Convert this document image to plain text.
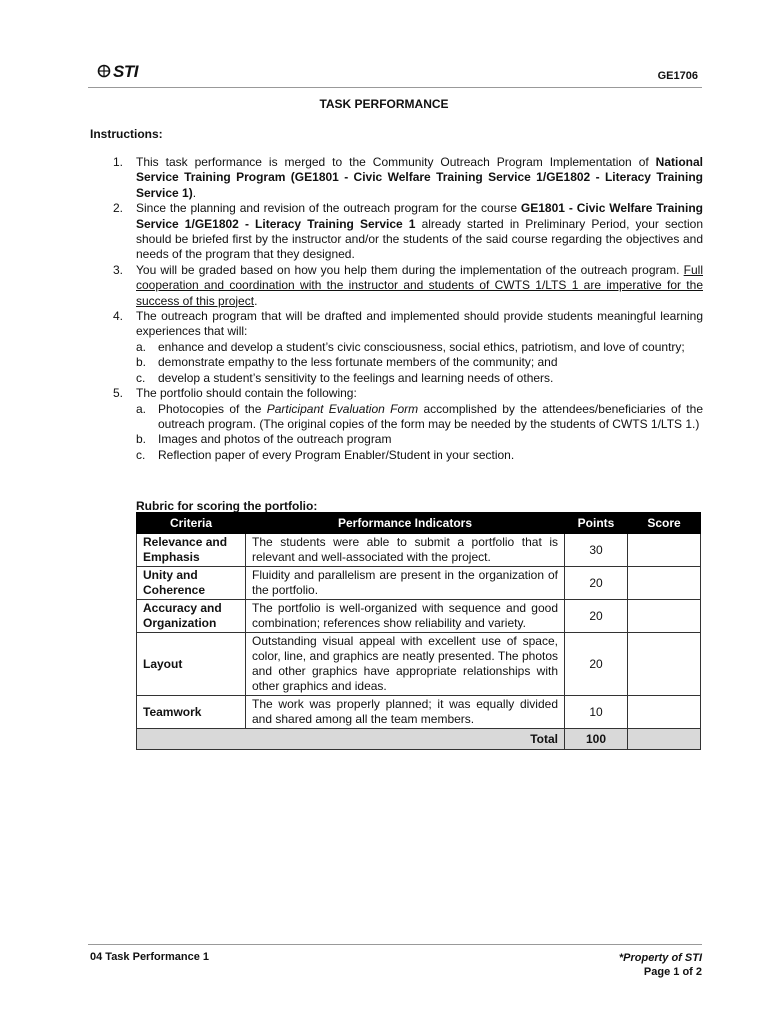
STI	GE1706
TASK PERFORMANCE
Instructions:
1. This task performance is merged to the Community Outreach Program Implementation of National Service Training Program (GE1801 - Civic Welfare Training Service 1/GE1802 - Literacy Training Service 1).
2. Since the planning and revision of the outreach program for the course GE1801 - Civic Welfare Training Service 1/GE1802 - Literacy Training Service 1 already started in Preliminary Period, your section should be briefed first by the instructor and/or the students of the said course regarding the objectives and needs of the program that they designed.
3. You will be graded based on how you help them during the implementation of the outreach program. Full cooperation and coordination with the instructor and students of CWTS 1/LTS 1 are imperative for the success of this project.
4. The outreach program that will be drafted and implemented should provide students meaningful learning experiences that will:
a. enhance and develop a student’s civic consciousness, social ethics, patriotism, and love of country;
b. demonstrate empathy to the less fortunate members of the community; and
c. develop a student’s sensitivity to the feelings and learning needs of others.
5. The portfolio should contain the following:
a. Photocopies of the Participant Evaluation Form accomplished by the attendees/beneficiaries of the outreach program. (The original copies of the form may be needed by the students of CWTS 1/LTS 1.)
b. Images and photos of the outreach program
c. Reflection paper of every Program Enabler/Student in your section.
Rubric for scoring the portfolio:
Criteria	Performance Indicators	Points	Score
Relevance and Emphasis	The students were able to submit a portfolio that is relevant and well-associated with the project.	30	
Unity and Coherence	Fluidity and parallelism are present in the organization of the portfolio.	20	
Accuracy and Organization	The portfolio is well-organized with sequence and good combination; references show reliability and variety.	20	
Layout	Outstanding visual appeal with excellent use of space, color, line, and graphics are neatly presented. The photos and other graphics have appropriate relationships with other graphics and ideas.	20	
Teamwork	The work was properly planned; it was equally divided and shared among all the team members.	10	
Total		100	
04 Task Performance 1	*Property of STI
Page 1 of 2
